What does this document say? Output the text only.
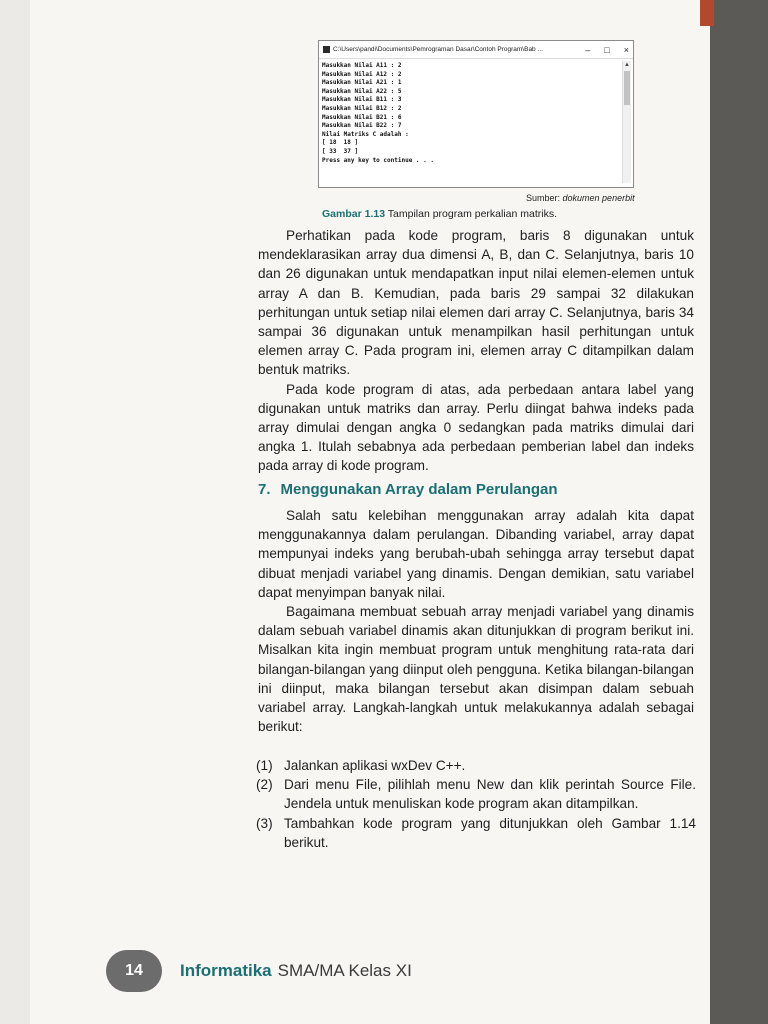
C:\Users\pandi\Documents\Pemrograman Dasar\Contoh Program\Bab ...	– □ ×
Masukkan Nilai A11 : 2
Masukkan Nilai A12 : 2
Masukkan Nilai A21 : 1
Masukkan Nilai A22 : 5
Masukkan Nilai B11 : 3
Masukkan Nilai B12 : 2
Masukkan Nilai B21 : 6
Masukkan Nilai B22 : 7
Nilai Matriks C adalah :
[ 18  18 ]
[ 33  37 ]
Press any key to continue . . .
▲
Sumber: dokumen penerbit
Gambar 1.13 Tampilan program perkalian matriks.
Perhatikan pada kode program, baris 8 digunakan untuk mendeklarasikan array dua dimensi A, B, dan C. Selanjutnya, baris 10 dan 26 digunakan untuk mendapatkan input nilai elemen-elemen untuk array A dan B. Kemudian, pada baris 29 sampai 32 dilakukan perhitungan untuk setiap nilai elemen dari array C. Selanjutnya, baris 34 sampai 36 digunakan untuk menampilkan hasil perhitungan untuk elemen array C. Pada program ini, elemen array C ditampilkan dalam bentuk matriks.
Pada kode program di atas, ada perbedaan antara label yang digunakan untuk matriks dan array. Perlu diingat bahwa indeks pada array dimulai dengan angka 0 sedangkan pada matriks dimulai dari angka 1. Itulah sebabnya ada perbedaan pemberian label dan indeks pada array di kode program.
7. Menggunakan Array dalam Perulangan
Salah satu kelebihan menggunakan array adalah kita dapat menggunakannya dalam perulangan. Dibanding variabel, array dapat mempunyai indeks yang berubah-ubah sehingga array tersebut dapat dibuat menjadi variabel yang dinamis. Dengan demikian, satu variabel dapat menyimpan banyak nilai.
Bagaimana membuat sebuah array menjadi variabel yang dinamis dalam sebuah variabel dinamis akan ditunjukkan di program berikut ini. Misalkan kita ingin membuat program untuk menghitung rata-rata dari bilangan-bilangan yang diinput oleh pengguna. Ketika bilangan-bilangan ini diinput, maka bilangan tersebut akan disimpan dalam sebuah variabel array. Langkah-langkah untuk melakukannya adalah sebagai berikut:
(1) Jalankan aplikasi wxDev C++.
(2) Dari menu File, pilihlah menu New dan klik perintah Source File. Jendela untuk menuliskan kode program akan ditampilkan.
(3) Tambahkan kode program yang ditunjukkan oleh Gambar 1.14 berikut.
14	Informatika SMA/MA Kelas XI
